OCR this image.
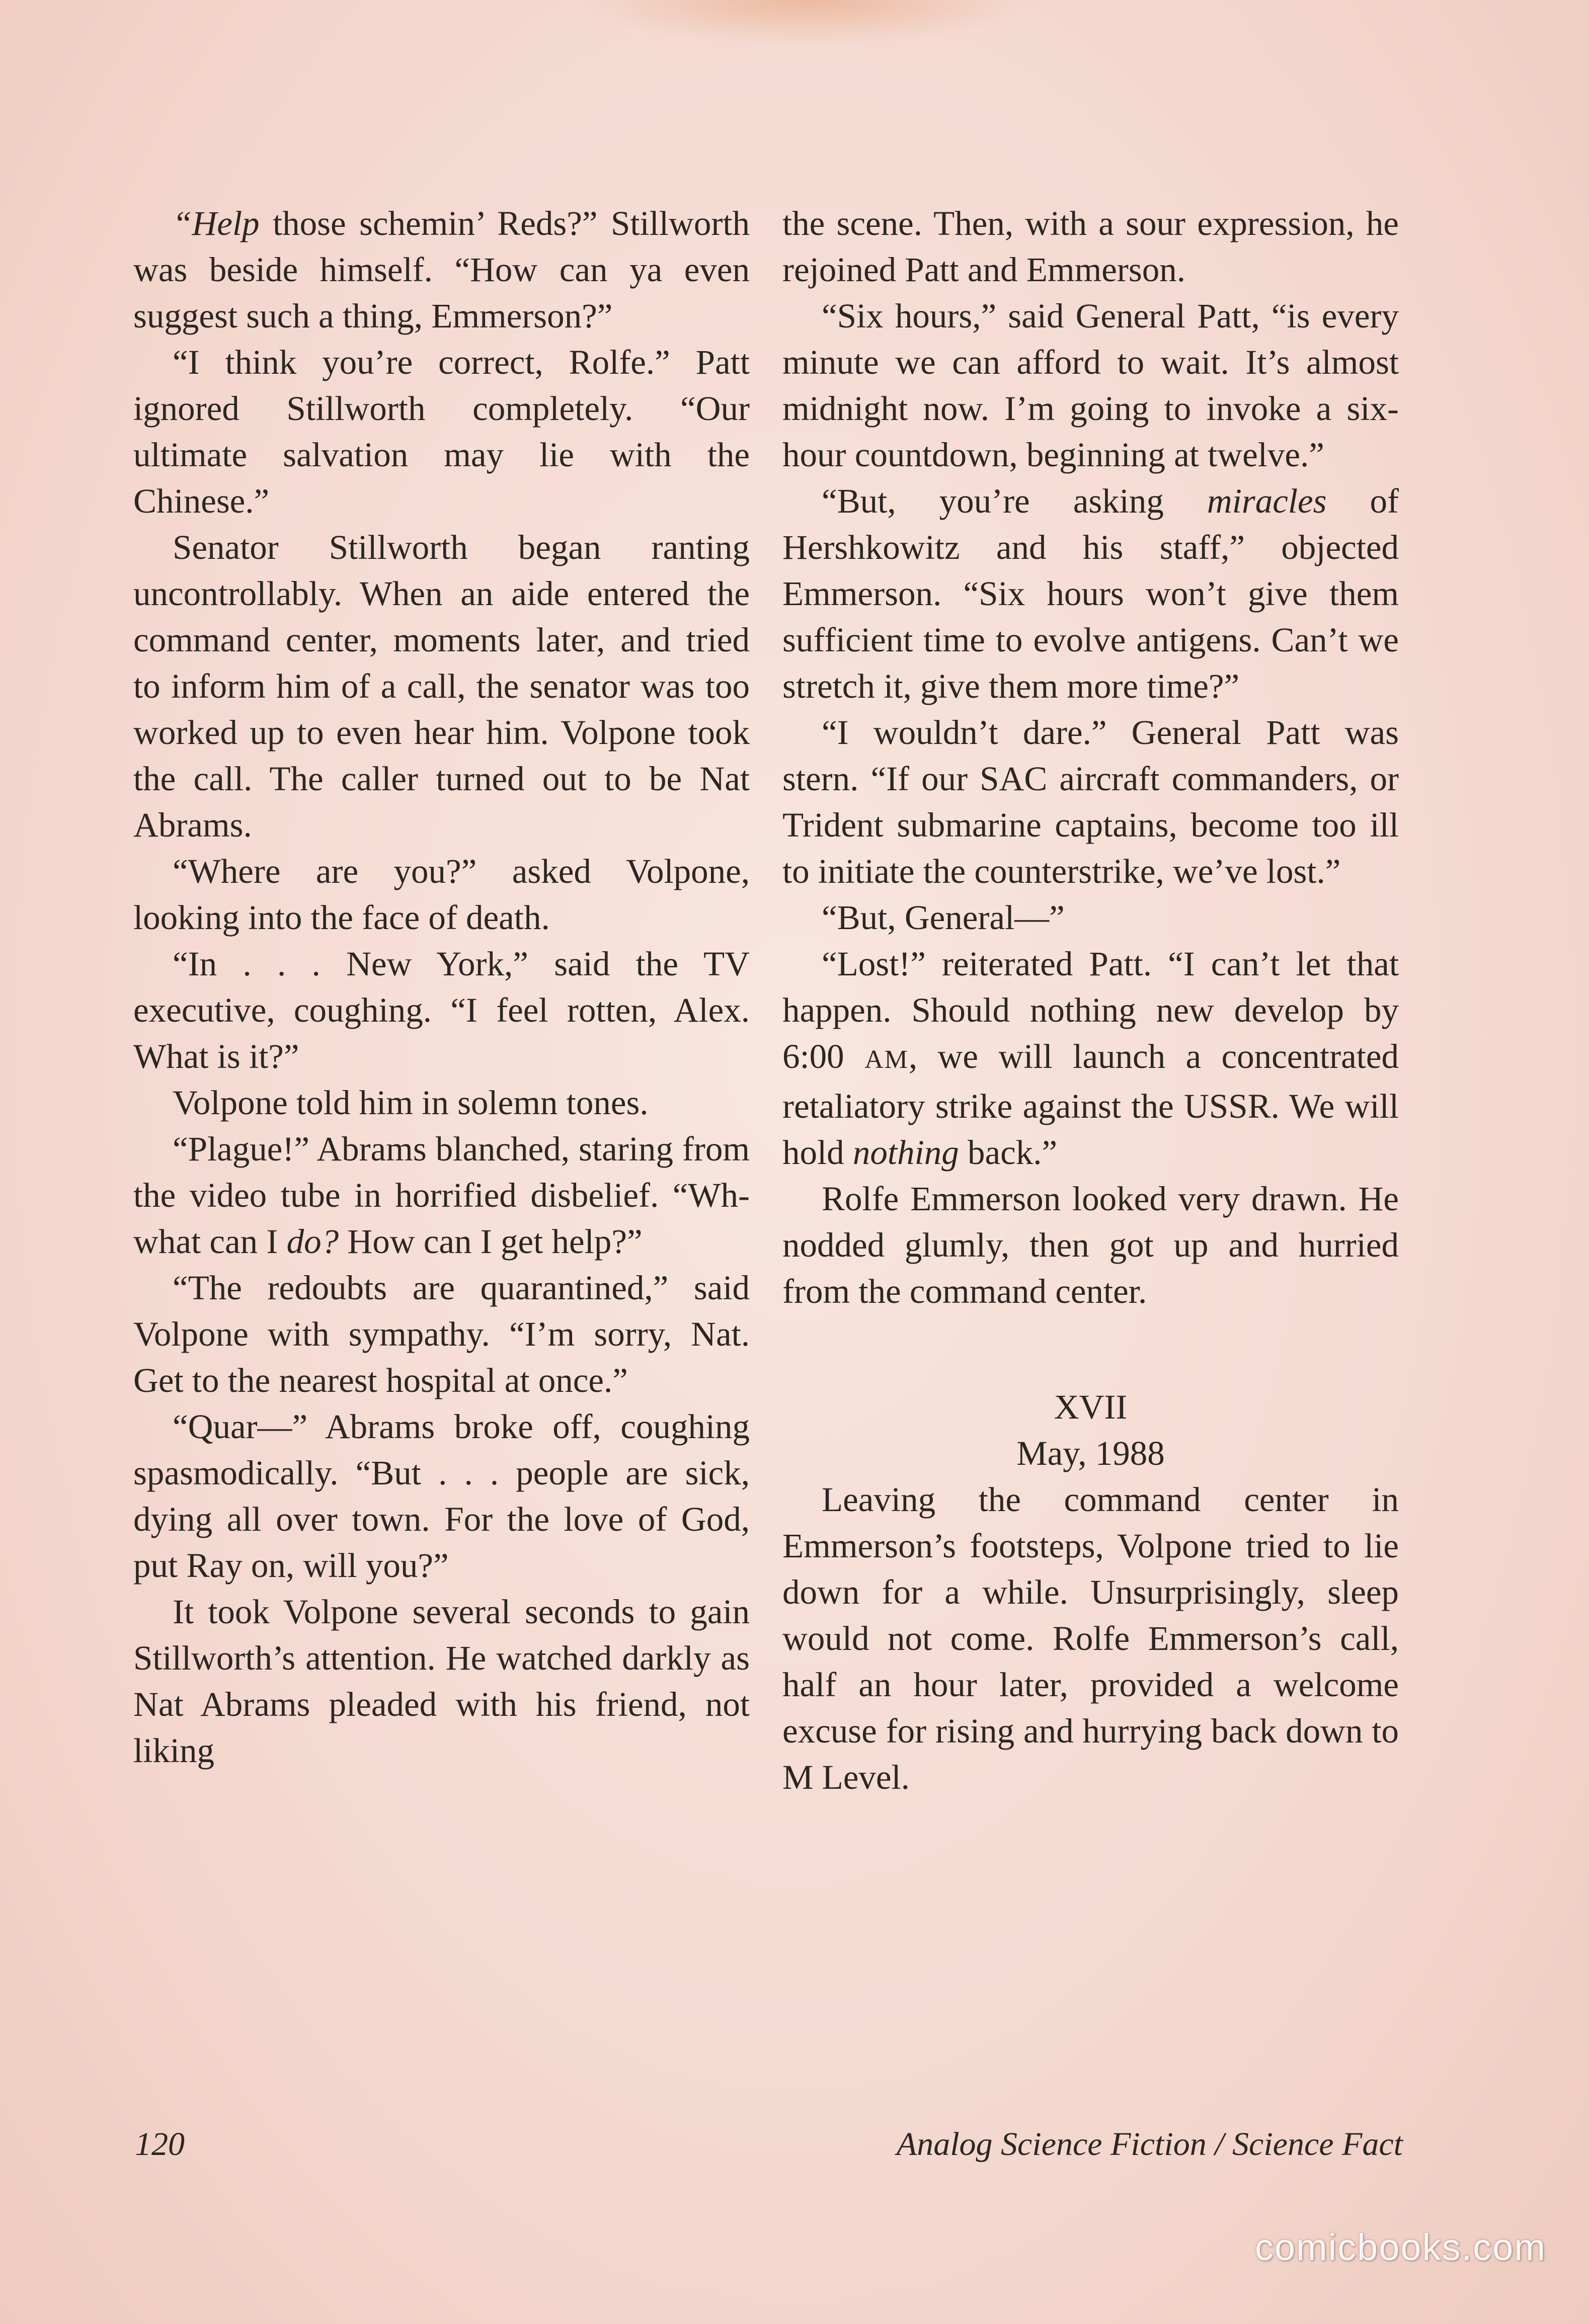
“Help those schemin’ Reds?” Stillworth was beside himself. “How can ya even suggest such a thing, Emmerson?”

“I think you’re correct, Rolfe.” Patt ignored Stillworth completely. “Our ultimate salvation may lie with the Chinese.”

Senator Stillworth began ranting uncontrollably. When an aide entered the command center, moments later, and tried to inform him of a call, the senator was too worked up to even hear him. Volpone took the call. The caller turned out to be Nat Abrams.

“Where are you?” asked Volpone, looking into the face of death.

“In . . . New York,” said the TV executive, coughing. “I feel rotten, Alex. What is it?”

Volpone told him in solemn tones.

“Plague!” Abrams blanched, staring from the video tube in horrified disbelief. “Wh-what can I do? How can I get help?”

“The redoubts are quarantined,” said Volpone with sympathy. “I’m sorry, Nat. Get to the nearest hospital at once.”

“Quar—” Abrams broke off, coughing spasmodically. “But . . . people are sick, dying all over town. For the love of God, put Ray on, will you?”

It took Volpone several seconds to gain Stillworth’s attention. He watched darkly as Nat Abrams pleaded with his friend, not liking

the scene. Then, with a sour expression, he rejoined Patt and Emmerson.

“Six hours,” said General Patt, “is every minute we can afford to wait. It’s almost midnight now. I’m going to invoke a six-hour countdown, beginning at twelve.”

“But, you’re asking miracles of Hershkowitz and his staff,” objected Emmerson. “Six hours won’t give them sufficient time to evolve antigens. Can’t we stretch it, give them more time?”

“I wouldn’t dare.” General Patt was stern. “If our SAC aircraft commanders, or Trident submarine captains, become too ill to initiate the counterstrike, we’ve lost.”

“But, General—”

“Lost!” reiterated Patt. “I can’t let that happen. Should nothing new develop by 6:00 AM, we will launch a concentrated retaliatory strike against the USSR. We will hold nothing back.”

Rolfe Emmerson looked very drawn. He nodded glumly, then got up and hurried from the command center.

XVII

May, 1988

Leaving the command center in Emmerson’s footsteps, Volpone tried to lie down for a while. Unsurprisingly, sleep would not come. Rolfe Emmerson’s call, half an hour later, provided a welcome excuse for rising and hurrying back down to M Level.

120	Analog Science Fiction / Science Fact
comicbooks.com
